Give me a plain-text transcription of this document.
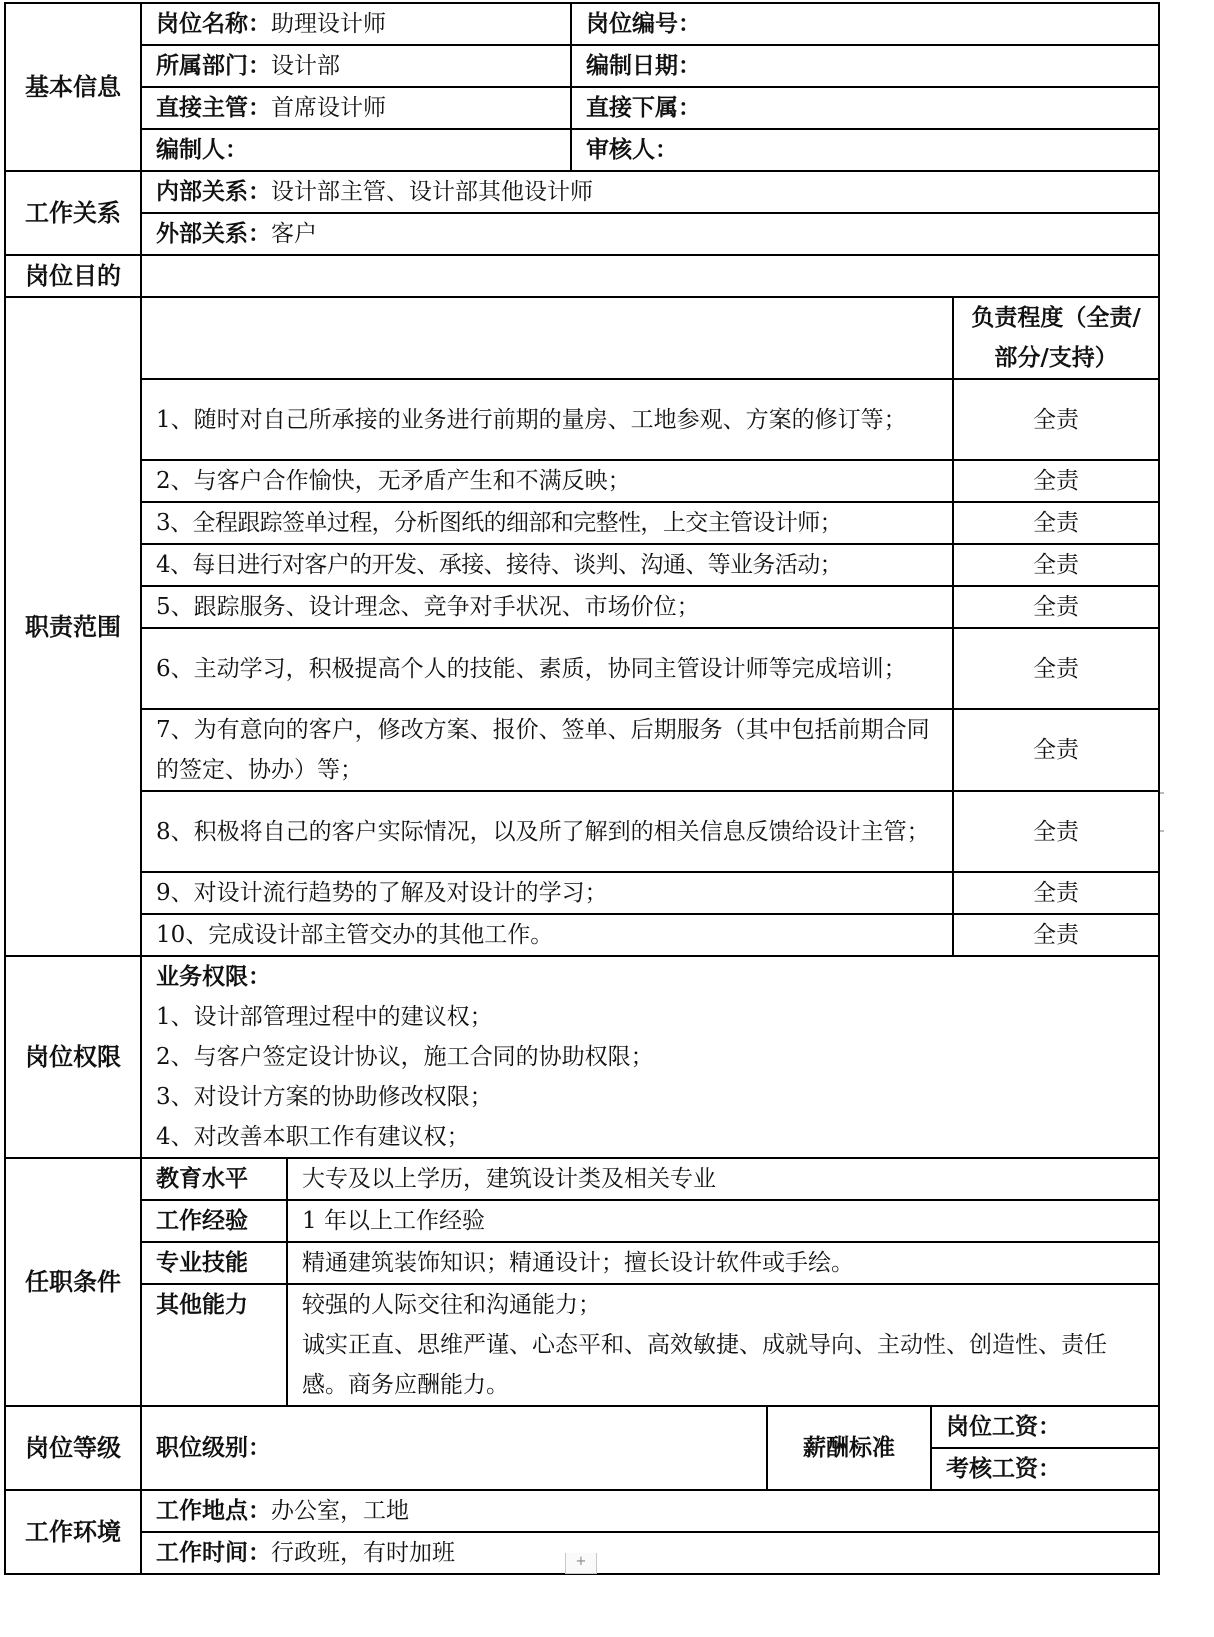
基本信息	岗位名称：助理设计师		岗位编号：			
	所属部门：设计部		编制日期：			
	直接主管：首席设计师		直接下属：			
	编制人：		审核人：			
工作关系	内部关系：设计部主管、设计部其他设计师					
	外部关系：客户					
岗位目的						
职责范围						负责程度（全责/部分/支持）
	1、随时对自己所承接的业务进行前期的量房、工地参观、方案的修订等；					全责
	2、与客户合作愉快，无矛盾产生和不满反映；					全责
	3、全程跟踪签单过程，分析图纸的细部和完整性，上交主管设计师；					全责
	4、每日进行对客户的开发、承接、接待、谈判、沟通、等业务活动；					全责
	5、跟踪服务、设计理念、竞争对手状况、市场价位；					全责
	6、主动学习，积极提高个人的技能、素质，协同主管设计师等完成培训；					全责
	7、为有意向的客户，修改方案、报价、签单、后期服务（其中包括前期合同的签定、协办）等；					全责
	8、积极将自己的客户实际情况，以及所了解到的相关信息反馈给设计主管；					全责
	9、对设计流行趋势的了解及对设计的学习；					全责
	10、完成设计部主管交办的其他工作。					全责
岗位权限	业务权限：
1、设计部管理过程中的建议权；
2、与客户签定设计协议，施工合同的协助权限；
3、对设计方案的协助修改权限；
4、对改善本职工作有建议权；					

任职条件	教育水平	大专及以上学历，建筑设计类及相关专业				
	工作经验	1 年以上工作经验				
	专业技能	精通建筑装饰知识；精通设计；擅长设计软件或手绘。				
	其他能力	较强的人际交往和沟通能力；
诚实正直、思维严谨、心态平和、高效敏捷、成就导向、主动性、创造性、责任感。商务应酬能力。				

岗位等级	职位级别：			薪酬标准	岗位工资：	
					考核工资：	
工作环境	工作地点：办公室，工地					
	工作时间：行政班，有时加班						+
